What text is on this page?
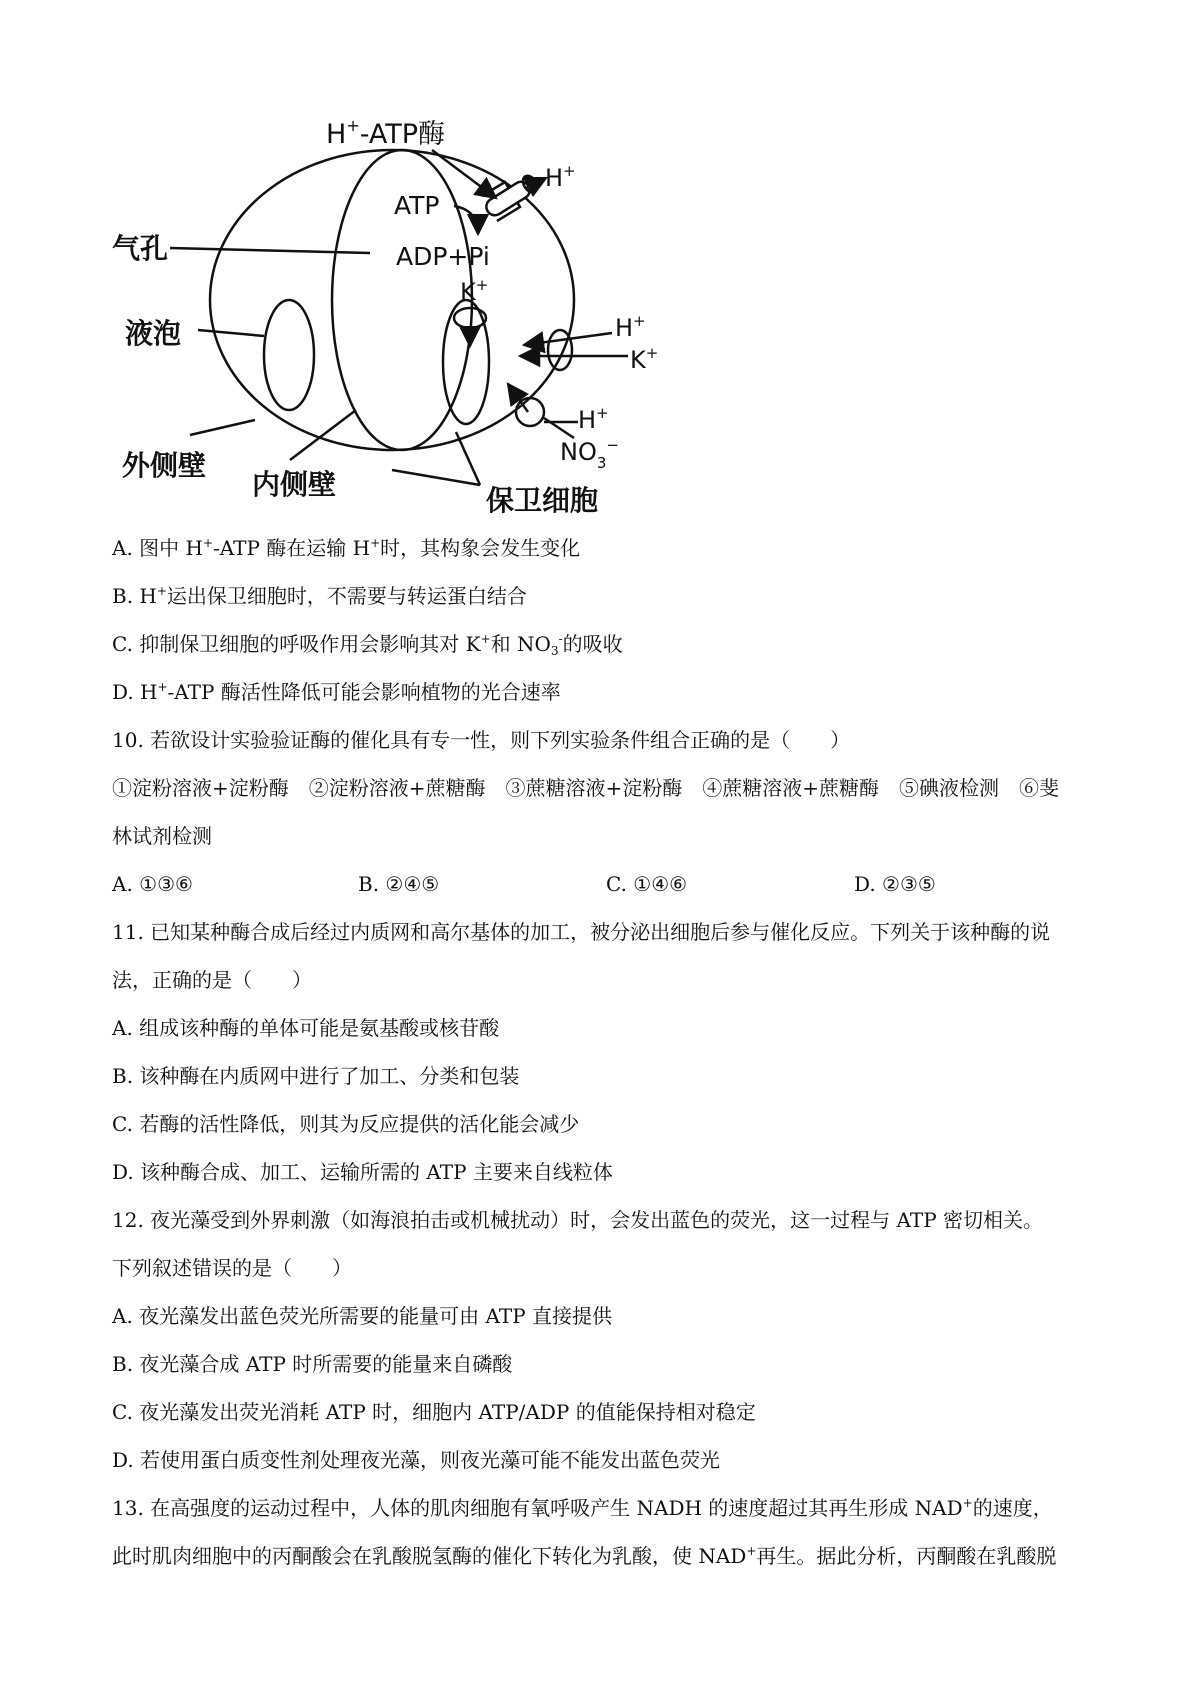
H+-ATP酶
ATP
ADP+Pi
H+
K+
H+
K+
H+
$NO_3^-$
气孔
液泡
外侧壁
内侧壁	保卫细胞
A. 图中 H+-ATP 酶在运输 H+时，其构象会发生变化
B. H+运出保卫细胞时，不需要与转运蛋白结合
C. 抑制保卫细胞的呼吸作用会影响其对 K+和 $NO_3^-$的吸收
D. H+-ATP 酶活性降低可能会影响植物的光合速率
10. 若欲设计实验验证酶的催化具有专一性，则下列实验条件组合正确的是（　　）
①淀粉溶液+淀粉酶　②淀粉溶液+蔗糖酶　③蔗糖溶液+淀粉酶　④蔗糖溶液+蔗糖酶　⑤碘液检测　⑥斐
林试剂检测
A. ①③⑥	B. ②④⑤	C. ①④⑥	D. ②③⑤
11. 已知某种酶合成后经过内质网和高尔基体的加工，被分泌出细胞后参与催化反应。下列关于该种酶的说
法，正确的是（　　）
A. 组成该种酶的单体可能是氨基酸或核苷酸
B. 该种酶在内质网中进行了加工、分类和包装
C. 若酶的活性降低，则其为反应提供的活化能会减少
D. 该种酶合成、加工、运输所需的 ATP 主要来自线粒体
12. 夜光藻受到外界刺激（如海浪拍击或机械扰动）时，会发出蓝色的荧光，这一过程与 ATP 密切相关。
下列叙述错误的是（　　）
A. 夜光藻发出蓝色荧光所需要的能量可由 ATP 直接提供
B. 夜光藻合成 ATP 时所需要的能量来自磷酸
C. 夜光藻发出荧光消耗 ATP 时，细胞内 ATP/ADP 的值能保持相对稳定
D. 若使用蛋白质变性剂处理夜光藻，则夜光藻可能不能发出蓝色荧光
13. 在高强度的运动过程中，人体的肌肉细胞有氧呼吸产生 NADH 的速度超过其再生形成 NAD+的速度，
此时肌肉细胞中的丙酮酸会在乳酸脱氢酶的催化下转化为乳酸，使 NAD+再生。据此分析，丙酮酸在乳酸脱
